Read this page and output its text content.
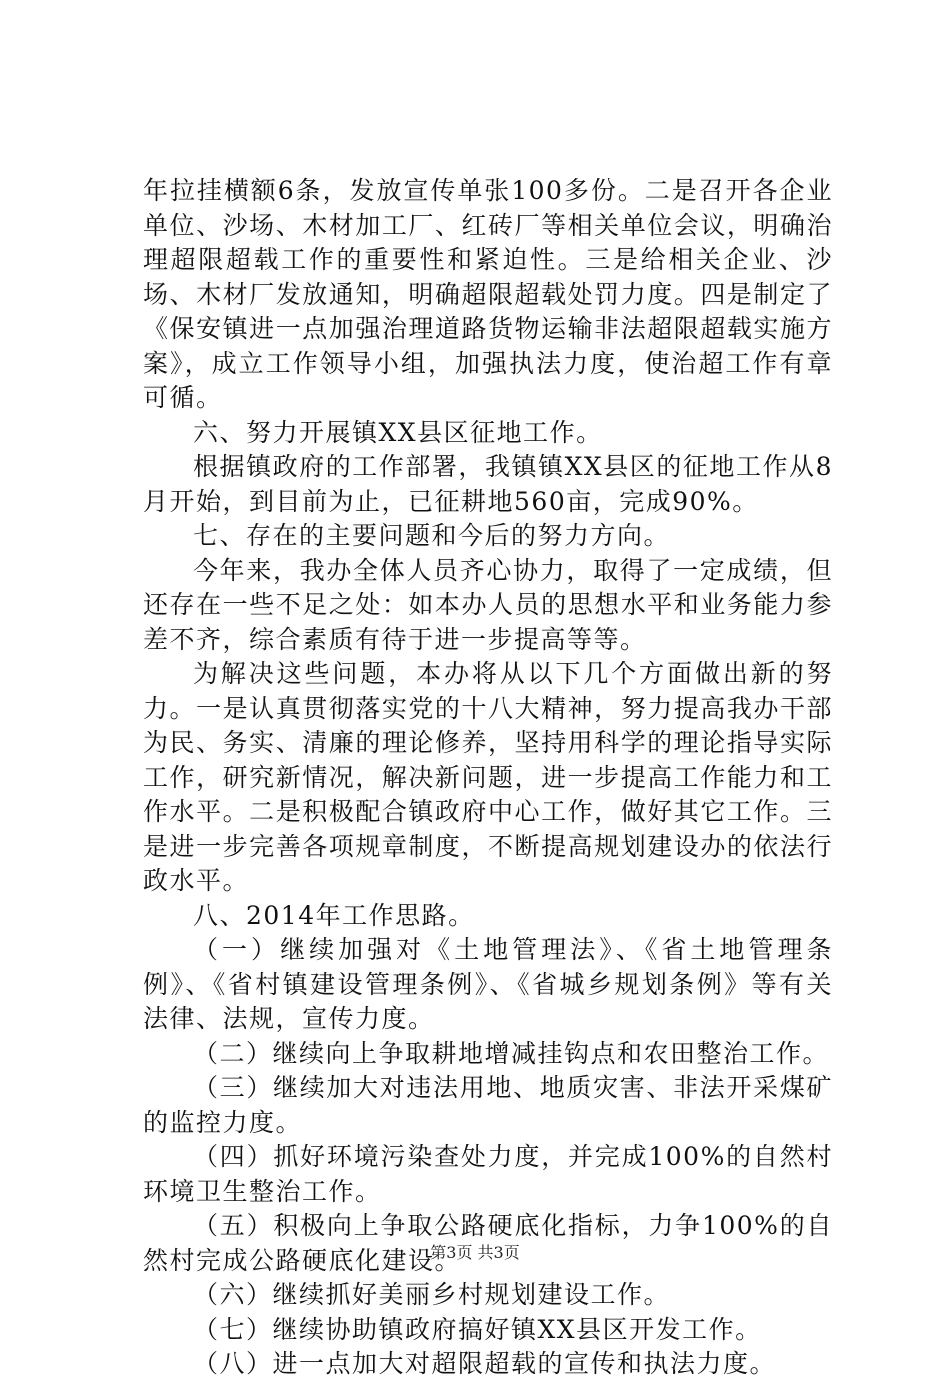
年拉挂横额6条，发放宣传单张100多份。二是召开各企业单位、沙场、木材加工厂、红砖厂等相关单位会议，明确治理超限超载工作的重要性和紧迫性。三是给相关企业、沙场、木材厂发放通知，明确超限超载处罚力度。四是制定了《保安镇进一点加强治理道路货物运输非法超限超载实施方案》，成立工作领导小组，加强执法力度，使治超工作有章可循。

六、努力开展镇XX县区征地工作。

根据镇政府的工作部署，我镇镇XX县区的征地工作从8月开始，到目前为止，已征耕地560亩，完成90%。

七、存在的主要问题和今后的努力方向。

今年来，我办全体人员齐心协力，取得了一定成绩，但还存在一些不足之处：如本办人员的思想水平和业务能力参差不齐，综合素质有待于进一步提高等等。

为解决这些问题，本办将从以下几个方面做出新的努力。一是认真贯彻落实党的十八大精神，努力提高我办干部为民、务实、清廉的理论修养，坚持用科学的理论指导实际工作，研究新情况，解决新问题，进一步提高工作能力和工作水平。二是积极配合镇政府中心工作，做好其它工作。三是进一步完善各项规章制度，不断提高规划建设办的依法行政水平。

八、2014年工作思路。

（一）继续加强对《土地管理法》、《省土地管理条例》、《省村镇建设管理条例》、《省城乡规划条例》等有关法律、法规，宣传力度。

（二）继续向上争取耕地增减挂钩点和农田整治工作。

（三）继续加大对违法用地、地质灾害、非法开采煤矿的监控力度。

（四）抓好环境污染查处力度，并完成100%的自然村环境卫生整治工作。

（五）积极向上争取公路硬底化指标，力争100%的自然村完成公路硬底化建设。

（六）继续抓好美丽乡村规划建设工作。

（七）继续协助镇政府搞好镇XX县区开发工作。

（八）进一点加大对超限超载的宣传和执法力度。

第3页 共3页
